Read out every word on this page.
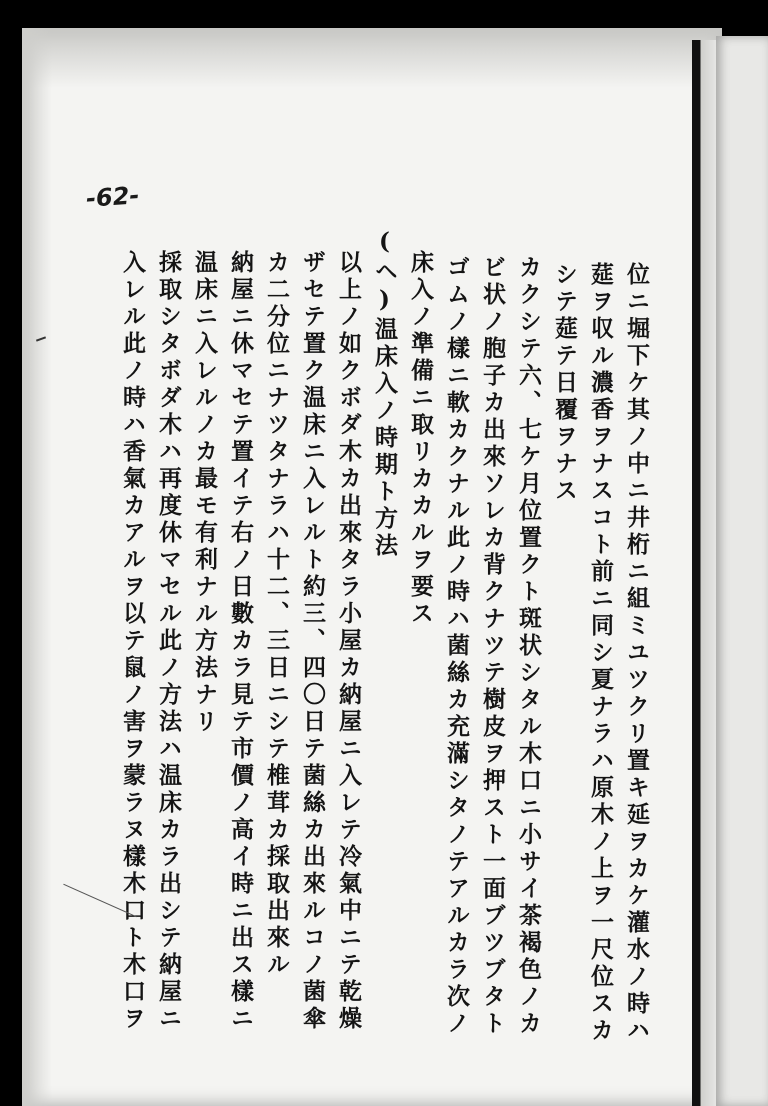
-62-
位ニ堀下ケ其ノ中ニ井桁ニ組ミユツクリ置キ延ヲカケ灌水ノ時ハ
莚ヲ収ル濃香ヲナスコト前ニ同シ夏ナラハ原木ノ上ヲ一尺位スカ
シテ莚テ日覆ヲナス
カクシテ六、七ケ月位置クト斑状シタル木口ニ小サイ茶褐色ノカ
ビ状ノ胞子カ出來ソレカ背クナツテ樹皮ヲ押スト一面ブツブタト
ゴムノ樣ニ軟カクナル此ノ時ハ菌絲カ充滿シタノテアルカラ次ノ
床入ノ準備ニ取リカカルヲ要ス
(ヘ)温床入ノ時期ト方法
以上ノ如クボダ木カ出來タラ小屋カ納屋ニ入レテ冷氣中ニテ乾燥
ザセテ置ク温床ニ入レルト約三、四〇日テ菌絲カ出來ルコノ菌傘
カ二分位ニナツタナラハ十二、三日ニシテ椎茸カ採取出來ル
納屋ニ休マセテ置イテ右ノ日數カラ見テ市價ノ高イ時ニ出ス樣ニ
温床ニ入レルノカ最モ有利ナル方法ナリ
採取シタボダ木ハ再度休マセル此ノ方法ハ温床カラ出シテ納屋ニ
入レル此ノ時ハ香氣カアルヲ以テ鼠ノ害ヲ蒙ラヌ樣木口ト木口ヲ
